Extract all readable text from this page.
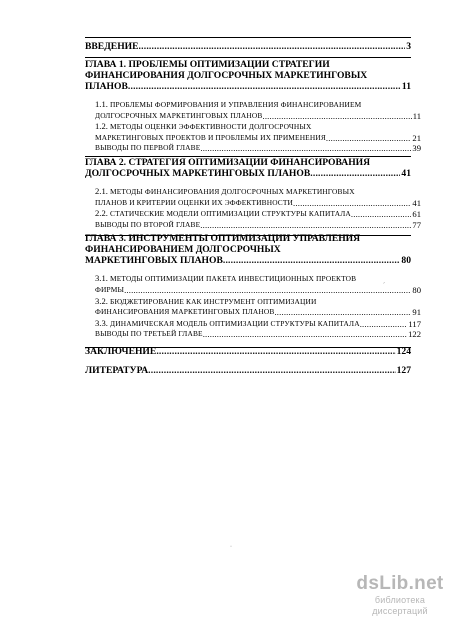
ВВЕДЕНИЕ .....	3
ГЛАВА 1. ПРОБЛЕМЫ ОПТИМИЗАЦИИ СТРАТЕГИИ
ФИНАНСИРОВАНИЯ ДОЛГОСРОЧНЫХ МАРКЕТИНГОВЫХ
ПЛАНОВ .....	11
1.1. ПРОБЛЕМЫ ФОРМИРОВАНИЯ И УПРАВЛЕНИЯ ФИНАНСИРОВАНИЕМ
ДОЛГОСРОЧНЫХ МАРКЕТИНГОВЫХ ПЛАНОВ .....	11
1.2. МЕТОДЫ ОЦЕНКИ ЭФФЕКТИВНОСТИ ДОЛГОСРОЧНЫХ
МАРКЕТИНГОВЫХ ПРОЕКТОВ И ПРОБЛЕМЫ ИХ ПРИМЕНЕНИЯ .....	21
ВЫВОДЫ ПО ПЕРВОЙ ГЛАВЕ .....	39
ГЛАВА 2. СТРАТЕГИЯ ОПТИМИЗАЦИИ ФИНАНСИРОВАНИЯ
ДОЛГОСРОЧНЫХ МАРКЕТИНГОВЫХ ПЛАНОВ .....	41
2.1. МЕТОДЫ ФИНАНСИРОВАНИЯ ДОЛГОСРОЧНЫХ МАРКЕТИНГОВЫХ
ПЛАНОВ И КРИТЕРИИ ОЦЕНКИ ИХ ЭФФЕКТИВНОСТИ .....	41
2.2. СТАТИЧЕСКИЕ МОДЕЛИ ОПТИМИЗАЦИИ СТРУКТУРЫ КАПИТАЛА .....	61
ВЫВОДЫ ПО ВТОРОЙ ГЛАВЕ .....	77
ГЛАВА 3. ИНСТРУМЕНТЫ ОПТИМИЗАЦИИ УПРАВЛЕНИЯ
ФИНАНСИРОВАНИЕМ ДОЛГОСРОЧНЫХ
МАРКЕТИНГОВЫХ ПЛАНОВ .....	80
3.1. МЕТОДЫ ОПТИМИЗАЦИИ ПАКЕТА ИНВЕСТИЦИОННЫХ ПРОЕКТОВ
ФИРМЫ .....	80
3.2. БЮДЖЕТИРОВАНИЕ КАК ИНСТРУМЕНТ ОПТИМИЗАЦИИ
ФИНАНСИРОВАНИЯ МАРКЕТИНГОВЫХ ПЛАНОВ .....	91
3.3. ДИНАМИЧЕСКАЯ МОДЕЛЬ ОПТИМИЗАЦИИ СТРУКТУРЫ КАПИТАЛА .....	117
ВЫВОДЫ ПО ТРЕТЬЕЙ ГЛАВЕ .....	122
ЗАКЛЮЧЕНИЕ .....	124
ЛИТЕРАТУРА .....	127
·
´
dsLib.net
библиотека диссертаций
